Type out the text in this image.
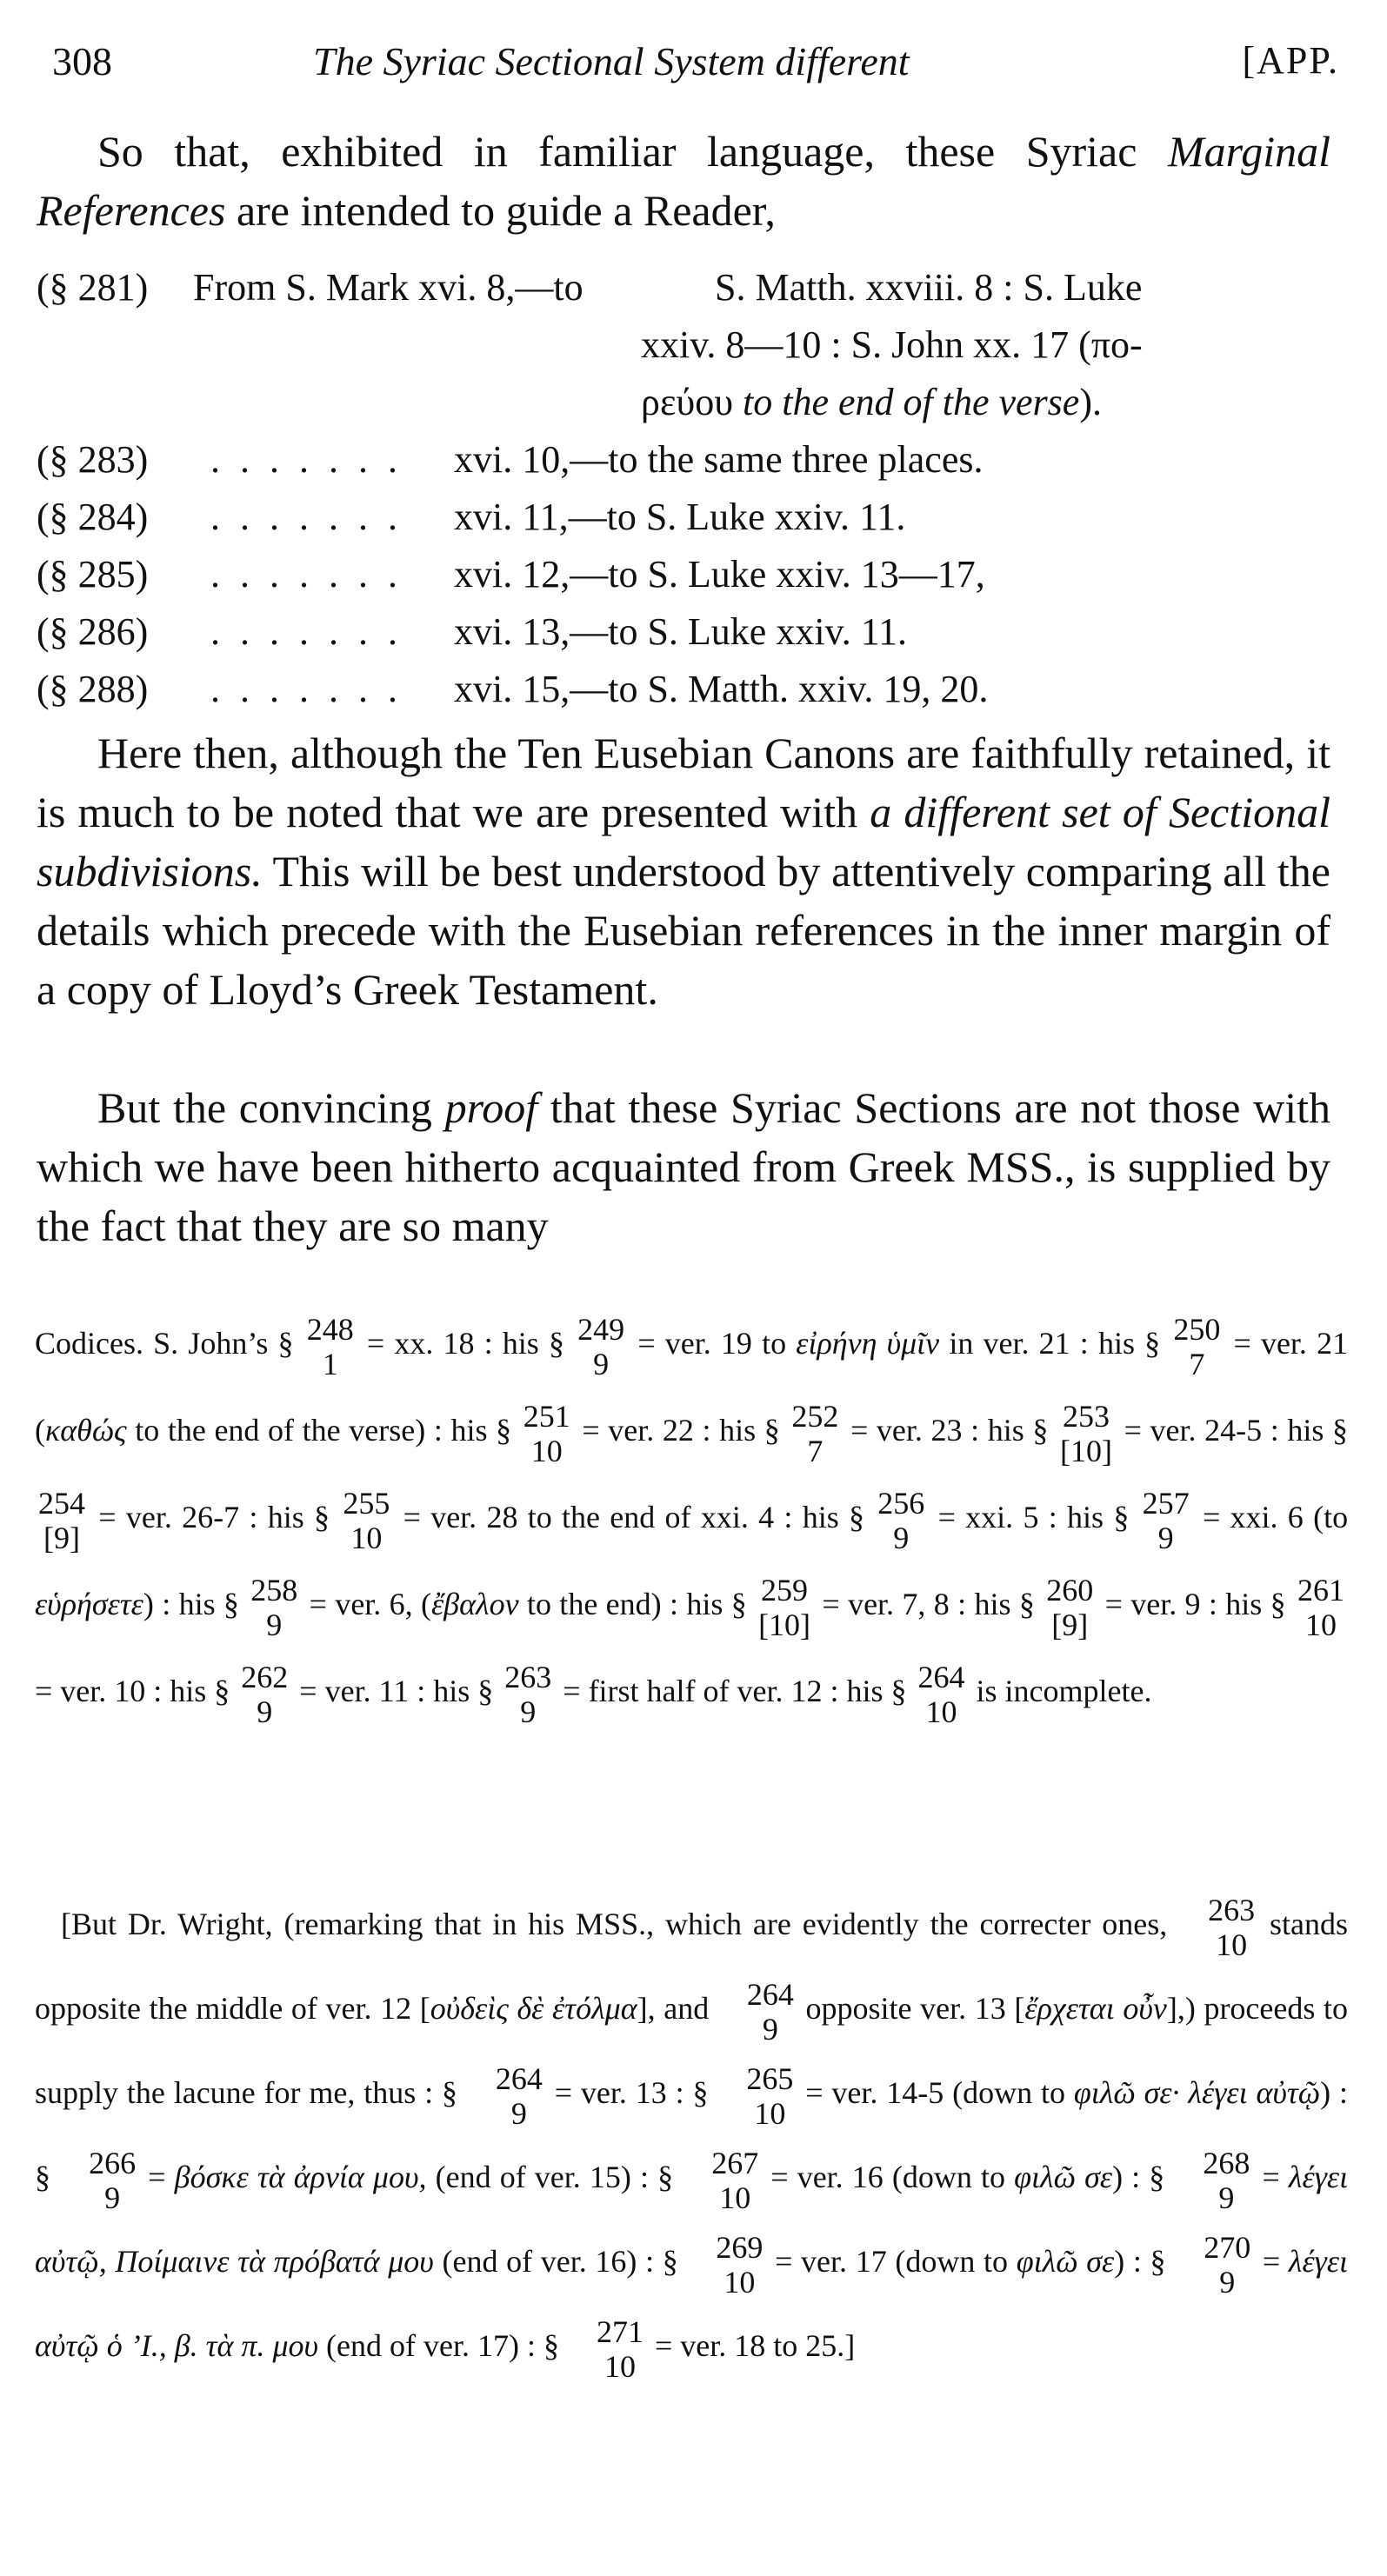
308	The Syriac Sectional System different	[APP.

So that, exhibited in familiar language, these Syriac Marginal References are intended to guide a Reader,

(§ 281) From S. Mark xvi. 8,—to	S. Matth. xxviii. 8 : S. Luke
xxiv. 8—10 : S. John xx. 17 (πο-
ρεύου to the end of the verse).
(§ 283) . . . . . . . xvi. 10,—to the same three places.
(§ 284) . . . . . . . xvi. 11,—to S. Luke xxiv. 11.
(§ 285) . . . . . . . xvi. 12,—to S. Luke xxiv. 13—17,
(§ 286) . . . . . . . xvi. 13,—to S. Luke xxiv. 11.
(§ 288) . . . . . . . xvi. 15,—to S. Matth. xxiv. 19, 20.

Here then, although the Ten Eusebian Canons are faithfully retained, it is much to be noted that we are presented with a different set of Sectional subdivisions. This will be best understood by attentively comparing all the details which precede with the Eusebian references in the inner margin of a copy of Lloyd’s Greek Testament.

But the convincing proof that these Syriac Sections are not those with which we have been hitherto acquainted from Greek MSS., is supplied by the fact that they are so many

Codices. S. John’s § 248
1
= xx. 18 : his § 249
9
= ver. 19 to εἰρήνη ὑμῖν in ver. 21 : his § 250
7
= ver. 21 (καθώς to the end of the verse) : his § 251
10
= ver. 22 : his § 252
7
= ver. 23 : his § 253
[10]
= ver. 24-5 : his §
254
[9]
= ver. 26-7 : his § 255
10
= ver. 28 to the end of xxi. 4 : his § 256
9
= xxi. 5 : his § 257
9
= xxi. 6 (to εὑρήσετε) : his § 258
9
= ver. 6, (ἔβαλον to the end) : his § 259
[10]
= ver. 7, 8 : his § 260
[9]
= ver. 9 : his § 261
10
= ver. 10 : his § 262
9
= ver. 11 : his § 263
9
= first half of ver. 12 : his § 264
10
is incomplete.

[But Dr. Wright, (remarking that in his MSS., which are evidently the correcter ones,	263
10
stands opposite the middle of ver. 12 [οὐδεὶς δὲ ἐτόλμα], and	264
9
opposite ver. 13 [ἔρχεται οὖν],) proceeds to supply the lacune for me, thus : §	264
9
= ver. 13 : §	265
10
= ver. 14-5 (down to φιλῶ σε· λέγει αὐτῷ) : §	266
9
= βόσκε τὰ ἀρνία μου, (end of ver. 15) : §	267
10
= ver. 16 (down to φιλῶ σε) : §	268
9
= λέγει αὐτῷ, Ποίμαινε τὰ πρόβατά μου (end of ver. 16) : §	269
10
= ver. 17 (down to φιλῶ σε) : §	270
9
= λέγει αὐτῷ ὁ ’Ι., β. τὰ π. μου (end of ver. 17) : §	271
10
= ver. 18 to 25.]
